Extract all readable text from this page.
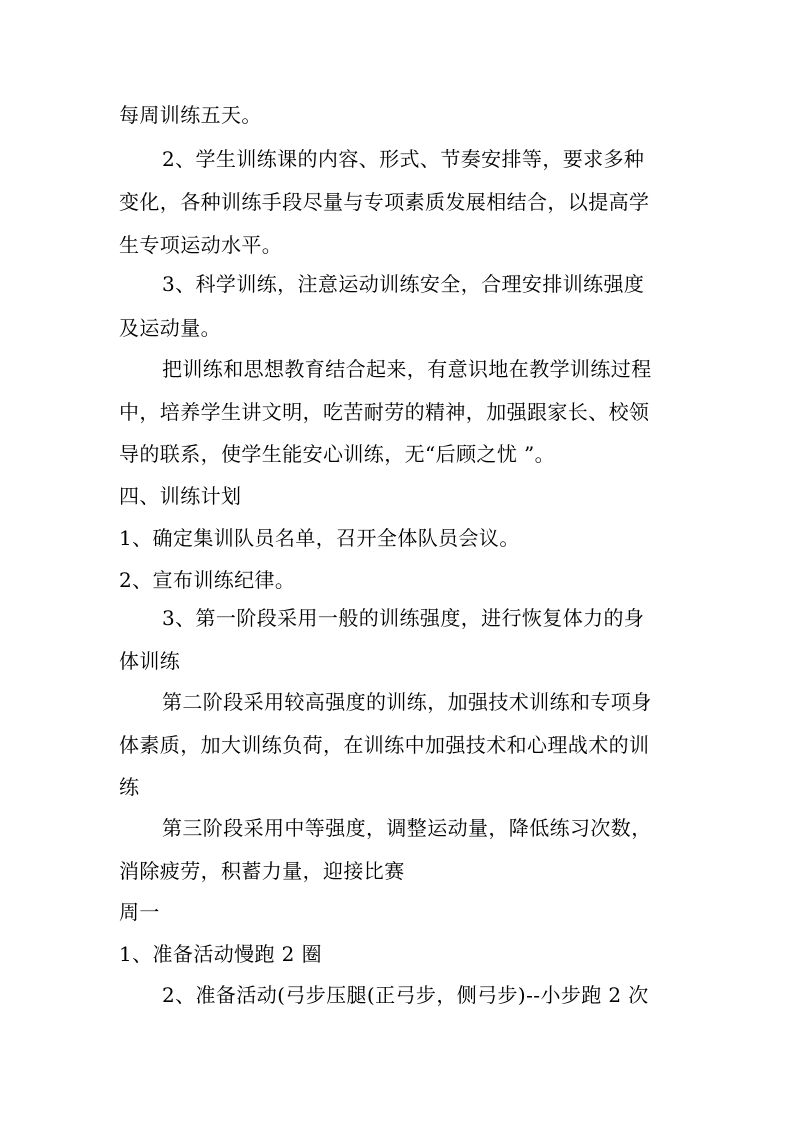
每周训练五天。
2、学生训练课的内容、形式、节奏安排等，要求多种
变化，各种训练手段尽量与专项素质发展相结合，以提高学
生专项运动水平。
3、科学训练，注意运动训练安全，合理安排训练强度
及运动量。
把训练和思想教育结合起来，有意识地在教学训练过程
中，培养学生讲文明，吃苦耐劳的精神，加强跟家长、校领
导的联系，使学生能安心训练，无“后顾之忧 ”。
四、训练计划
1、确定集训队员名单，召开全体队员会议。
2、宣布训练纪律。
3、第一阶段采用一般的训练强度，进行恢复体力的身
体训练
第二阶段采用较高强度的训练，加强技术训练和专项身
体素质，加大训练负荷，在训练中加强技术和心理战术的训
练
第三阶段采用中等强度，调整运动量，降低练习次数，
消除疲劳，积蓄力量，迎接比赛
周一
1、准备活动慢跑 2 圈
2、准备活动(弓步压腿(正弓步，侧弓步)--小步跑 2 次
